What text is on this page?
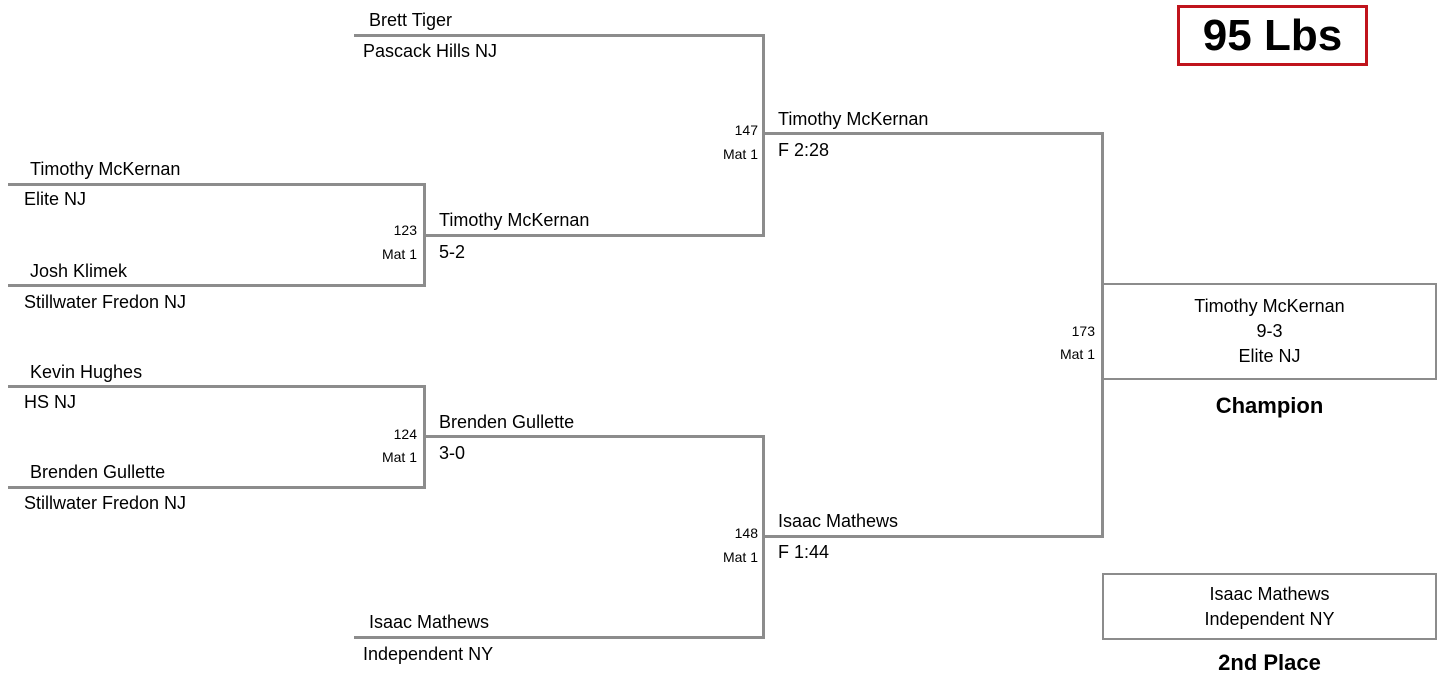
95 Lbs
Timothy McKernan
Elite NJ
Josh Klimek
Stillwater Fredon NJ
123
Mat 1
Kevin Hughes
HS NJ
Brenden Gullette
Stillwater Fredon NJ
124
Mat 1
Brett Tiger
Pascack Hills NJ
Timothy McKernan
5-2
147
Mat 1
Brenden Gullette
3-0
Isaac Mathews
Independent NY
148
Mat 1
Timothy McKernan
F 2:28
Isaac Mathews
F 1:44
173
Mat 1
Timothy McKernan
9-3
Elite NJ
Champion
Isaac Mathews
Independent NY
2nd Place
